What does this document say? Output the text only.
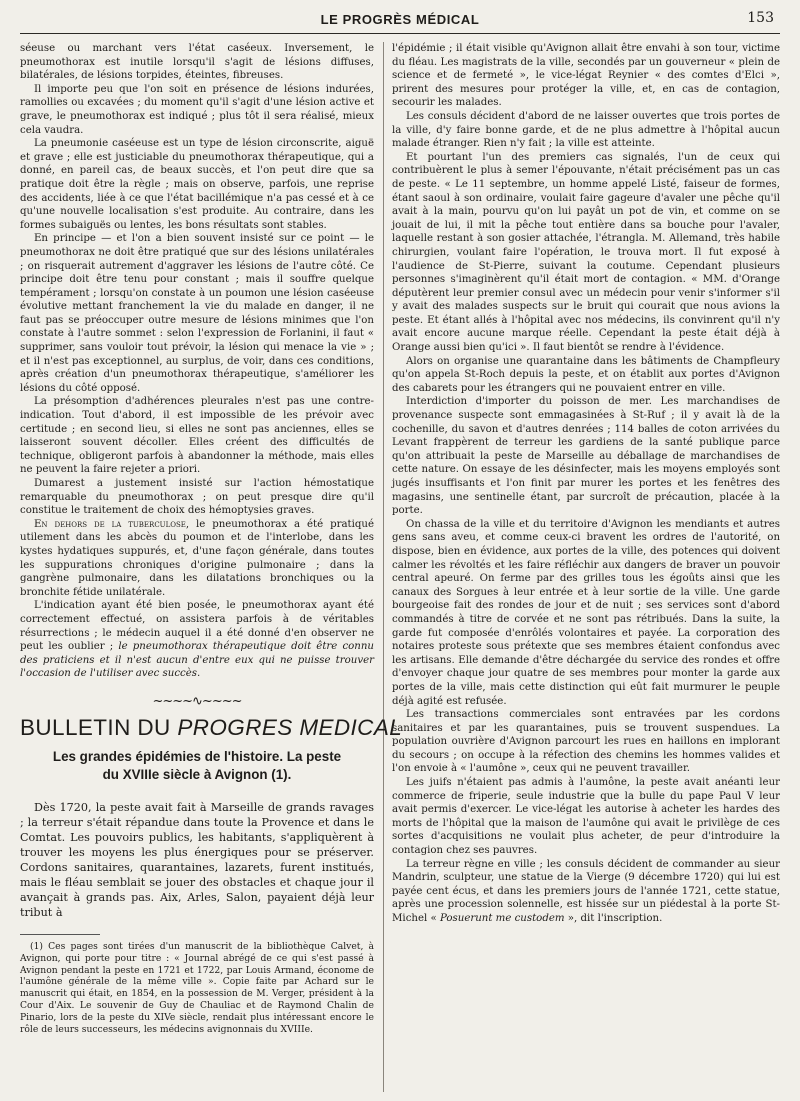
LE PROGRÈS MÉDICAL	153

séeuse ou marchant vers l'état caséeux. Inversement, le pneumothorax est inutile lorsqu'il s'agit de lésions diffuses, bilatérales, de lésions torpides, éteintes, fibreuses.

Il importe peu que l'on soit en présence de lésions indurées, ramollies ou excavées ; du moment qu'il s'agit d'une lésion active et grave, le pneumothorax est indiqué ; plus tôt il sera réalisé, mieux cela vaudra.

La pneumonie caséeuse est un type de lésion circonscrite, aiguë et grave ; elle est justiciable du pneumothorax thérapeutique, qui a donné, en pareil cas, de beaux succès, et l'on peut dire que sa pratique doit être la règle ; mais on observe, parfois, une reprise des accidents, liée à ce que l'état bacillémique n'a pas cessé et à ce qu'une nouvelle localisation s'est produite. Au contraire, dans les formes subaiguës ou lentes, les bons résultats sont stables.

En principe — et l'on a bien souvent insisté sur ce point — le pneumothorax ne doit être pratiqué que sur des lésions unilatérales ; on risquerait autrement d'aggraver les lésions de l'autre côté. Ce principe doit être tenu pour constant ; mais il souffre quelque tempérament ; lorsqu'on constate à un poumon une lésion caséeuse évolutive mettant franchement la vie du malade en danger, il ne faut pas se préoccuper outre mesure de lésions minimes que l'on constate à l'autre sommet : selon l'expression de Forlanini, il faut « supprimer, sans vouloir tout prévoir, la lésion qui menace la vie » ; et il n'est pas exceptionnel, au surplus, de voir, dans ces conditions, après création d'un pneumothorax thérapeutique, s'améliorer les lésions du côté opposé.

La présomption d'adhérences pleurales n'est pas une contre-indication. Tout d'abord, il est impossible de les prévoir avec certitude ; en second lieu, si elles ne sont pas anciennes, elles se laisseront souvent décoller. Elles créent des difficultés de technique, obligeront parfois à abandonner la méthode, mais elles ne peuvent la faire rejeter a priori.

Dumarest a justement insisté sur l'action hémostatique remarquable du pneumothorax ; on peut presque dire qu'il constitue le traitement de choix des hémoptysies graves.

En dehors de la tuberculose, le pneumothorax a été pratiqué utilement dans les abcès du poumon et de l'interlobe, dans les kystes hydatiques suppurés, et, d'une façon générale, dans toutes les suppurations chroniques d'origine pulmonaire ; dans la gangrène pulmonaire, dans les dilatations bronchiques ou la bronchite fétide unilatérale.

L'indication ayant été bien posée, le pneumothorax ayant été correctement effectué, on assistera parfois à de véritables résurrections ; le médecin auquel il a été donné d'en observer ne peut les oublier ; le pneumothorax thérapeutique doit être connu des praticiens et il n'est aucun d'entre eux qui ne puisse trouver l'occasion de l'utiliser avec succès.

~~~~∿~~~~
BULLETIN DU PROGRES MEDICAL
Les grandes épidémies de l'histoire. La peste
du XVIIIe siècle à Avignon (1).

Dès 1720, la peste avait fait à Marseille de grands ravages ; la terreur s'était répandue dans toute la Provence et dans le Comtat. Les pouvoirs publics, les habitants, s'appliquèrent à trouver les moyens les plus énergiques pour se préserver. Cordons sanitaires, quarantaines, lazarets, furent institués, mais le fléau semblait se jouer des obstacles et chaque jour il avançait à grands pas. Aix, Arles, Salon, payaient déjà leur tribut à

(1) Ces pages sont tirées d'un manuscrit de la bibliothèque Calvet, à Avignon, qui porte pour titre : « Journal abrégé de ce qui s'est passé à Avignon pendant la peste en 1721 et 1722, par Louis Armand, économe de l'aumône générale de la même ville ». Copie faite par Achard sur le manuscrit qui était, en 1854, en la possession de M. Verger, président à la Cour d'Aix. Le souvenir de Guy de Chauliac et de Raymond Chalin de Pinario, lors de la peste du XIVe siècle, rendait plus intéressant encore le rôle de leurs successeurs, les médecins avignonnais du XVIIIe.

l'épidémie ; il était visible qu'Avignon allait être envahi à son tour, victime du fléau. Les magistrats de la ville, secondés par un gouverneur « plein de science et de fermeté », le vice-légat Reynier « des comtes d'Elci », prirent des mesures pour protéger la ville, et, en cas de contagion, secourir les malades.

Les consuls décident d'abord de ne laisser ouvertes que trois portes de la ville, d'y faire bonne garde, et de ne plus admettre à l'hôpital aucun malade étranger. Rien n'y fait ; la ville est atteinte.

Et pourtant l'un des premiers cas signalés, l'un de ceux qui contribuèrent le plus à semer l'épouvante, n'était précisément pas un cas de peste. « Le 11 septembre, un homme appelé Listé, faiseur de formes, étant saoul à son ordinaire, voulait faire gageure d'avaler une pêche qu'il avait à la main, pourvu qu'on lui payât un pot de vin, et comme on se jouait de lui, il mit la pêche tout entière dans sa bouche pour l'avaler, laquelle restant à son gosier attachée, l'étrangla. M. Allemand, très habile chirurgien, voulant faire l'opération, le trouva mort. Il fut exposé à l'audience de St-Pierre, suivant la coutume. Cependant plusieurs personnes s'imaginèrent qu'il était mort de contagion. « MM. d'Orange députèrent leur premier consul avec un médecin pour venir s'informer s'il y avait des malades suspects sur le bruit qui courait que nous avions la peste. Et étant allés à l'hôpital avec nos médecins, ils convinrent qu'il n'y avait encore aucune marque réelle. Cependant la peste était déjà à Orange aussi bien qu'ici ». Il faut bientôt se rendre à l'évidence.

Alors on organise une quarantaine dans les bâtiments de Champfleury qu'on appela St-Roch depuis la peste, et on établit aux portes d'Avignon des cabarets pour les étrangers qui ne pouvaient entrer en ville.

Interdiction d'importer du poisson de mer. Les marchandises de provenance suspecte sont emmagasinées à St-Ruf ; il y avait là de la cochenille, du savon et d'autres denrées ; 114 balles de coton arrivées du Levant frappèrent de terreur les gardiens de la santé publique parce qu'on attribuait la peste de Marseille au déballage de marchandises de cette nature. On essaye de les désinfecter, mais les moyens employés sont jugés insuffisants et l'on finit par murer les portes et les fenêtres des magasins, une sentinelle étant, par surcroît de précaution, placée à la porte.

On chassa de la ville et du territoire d'Avignon les mendiants et autres gens sans aveu, et comme ceux-ci bravent les ordres de l'autorité, on dispose, bien en évidence, aux portes de la ville, des potences qui doivent calmer les révoltés et les faire réfléchir aux dangers de braver un pouvoir central apeuré. On ferme par des grilles tous les égoûts ainsi que les canaux des Sorgues à leur entrée et à leur sortie de la ville. Une garde bourgeoise fait des rondes de jour et de nuit ; ses services sont d'abord commandés à titre de corvée et ne sont pas rétribués. Dans la suite, la garde fut composée d'enrôlés volontaires et payée. La corporation des notaires proteste sous prétexte que ses membres étaient confondus avec les artisans. Elle demande d'être déchargée du service des rondes et offre d'envoyer chaque jour quatre de ses membres pour monter la garde aux portes de la ville, mais cette distinction qui eût fait murmurer le peuple déjà agité est refusée.

Les transactions commerciales sont entravées par les cordons sanitaires et par les quarantaines, puis se trouvent suspendues. La population ouvrière d'Avignon parcourt les rues en haillons en implorant du secours ; on occupe à la réfection des chemins les hommes valides et l'on envoie à « l'aumône », ceux qui ne peuvent travailler.

Les juifs n'étaient pas admis à l'aumône, la peste avait anéanti leur commerce de friperie, seule industrie que la bulle du pape Paul V leur avait permis d'exercer. Le vice-légat les autorise à acheter les hardes des morts de l'hôpital que la maison de l'aumône qui avait le privilège de ces sortes d'acquisitions ne voulait plus acheter, de peur d'introduire la contagion chez ses pauvres.

La terreur règne en ville ; les consuls décident de commander au sieur Mandrin, sculpteur, une statue de la Vierge (9 décembre 1720) qui lui est payée cent écus, et dans les premiers jours de l'année 1721, cette statue, après une procession solennelle, est hissée sur un piédestal à la porte St-Michel « Posuerunt me custodem », dit l'inscription.
